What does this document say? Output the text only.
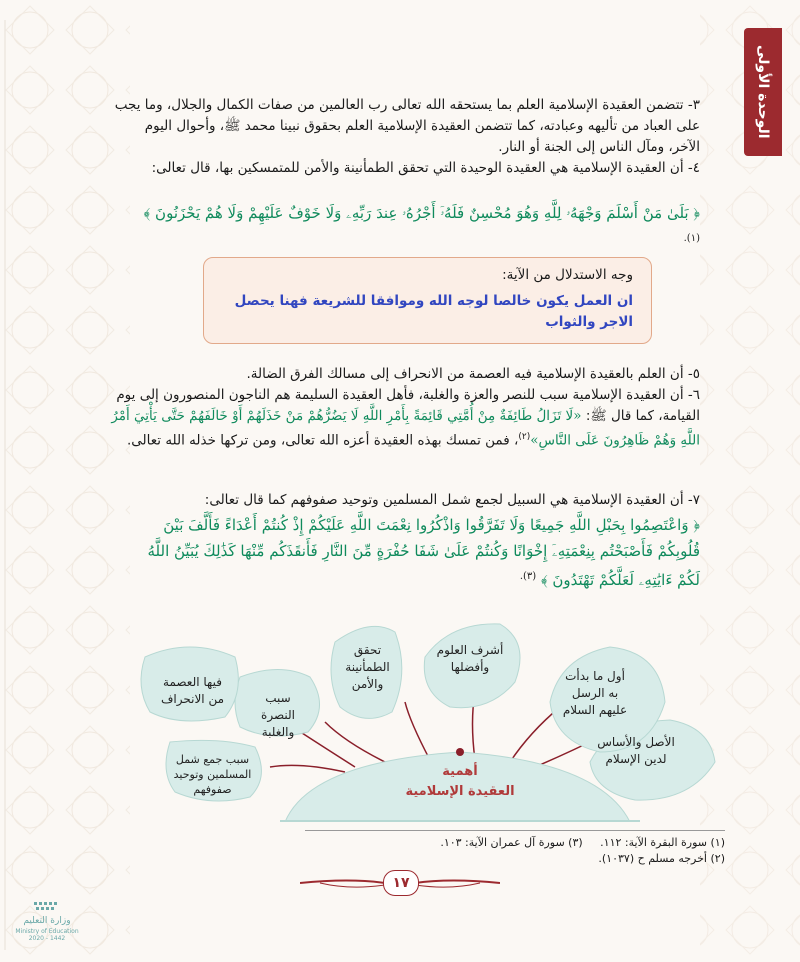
الوحدة الأولى
٣- تتضمن العقيدة الإسلامية العلم بما يستحقه الله تعالى رب العالمين من صفات الكمال والجلال، وما يجب على العباد من تأليهه وعبادته، كما تتضمن العقيدة الإسلامية العلم بحقوق نبينا محمد ﷺ، وأحوال اليوم الآخر، ومآل الناس إلى الجنة أو النار.
٤- أن العقيدة الإسلامية هي العقيدة الوحيدة التي تحقق الطمأنينة والأمن للمتمسكين بها، قال تعالى:
﴿ بَلَىٰ مَنْ أَسْلَمَ وَجْهَهُۥ لِلَّهِ وَهُوَ مُحْسِنٌ فَلَهُۥٓ أَجْرُهُۥ عِندَ رَبِّهِۦ وَلَا خَوْفٌ عَلَيْهِمْ وَلَا هُمْ يَحْزَنُونَ ﴾ $^{(١).}$
وجه الاستدلال من الآية:
ان العمل يكون خالصا لوجه الله وموافقا للشريعة فهنا يحصل الاجر والثواب
٥- أن العلم بالعقيدة الإسلامية فيه العصمة من الانحراف إلى مسالك الفرق الضالة.
٦- أن العقيدة الإسلامية سبب للنصر والعزة والغلبة، فأهل العقيدة السليمة هم الناجون المنصورون إلى يوم القيامة، كما قال ﷺ: «لَا تَزَالُ طَائِفَةٌ مِنْ أُمَّتِي قَائِمَةً بِأَمْرِ اللَّهِ لَا يَضُرُّهُمْ مَنْ خَذَلَهُمْ أَوْ خَالَفَهُمْ حَتَّى يَأْتِيَ أَمْرُ اللَّهِ وَهُمْ ظَاهِرُونَ عَلَى النَّاسِ»$^{(٢)}$، فمن تمسك بهذه العقيدة أعزه الله تعالى، ومن تركها خذله الله تعالى.
٧- أن العقيدة الإسلامية هي السبيل لجمع شمل المسلمين وتوحيد صفوفهم كما قال تعالى:
﴿ وَاعْتَصِمُوا بِحَبْلِ اللَّهِ جَمِيعًا وَلَا تَفَرَّقُوا وَاذْكُرُوا نِعْمَتَ اللَّهِ عَلَيْكُمْ إِذْ كُنتُمْ أَعْدَاءً فَأَلَّفَ بَيْنَ قُلُوبِكُمْ فَأَصْبَحْتُم بِنِعْمَتِهِۦٓ إِخْوَانًا وَكُنتُمْ عَلَىٰ شَفَا حُفْرَةٍ مِّنَ النَّارِ فَأَنقَذَكُم مِّنْهَا كَذَٰلِكَ يُبَيِّنُ اللَّهُ لَكُمْ ءَايَٰتِهِۦ لَعَلَّكُمْ تَهْتَدُونَ ﴾ $^{(٣).}$
الأصل والأساس لدين الإسلام
أول ما بدأت به الرسل عليهم السلام
أشرف العلوم وأفضلها
تحقق الطمأنينة والأمن
سبب النصرة والغلبة
فيها العصمة من الانحراف
سبب جمع شمل المسلمين وتوحيد صفوفهم
أهمية
العقيدة الإسلامية
(١) سورة البقرة الآية: ١١٢.     (٣) سورة آل عمران الآية: ١٠٣.
(٢) أخرجه مسلم ح (١٠٣٧).
١٧
وزارة التعليم
Ministry of Education 2020 - 1442
